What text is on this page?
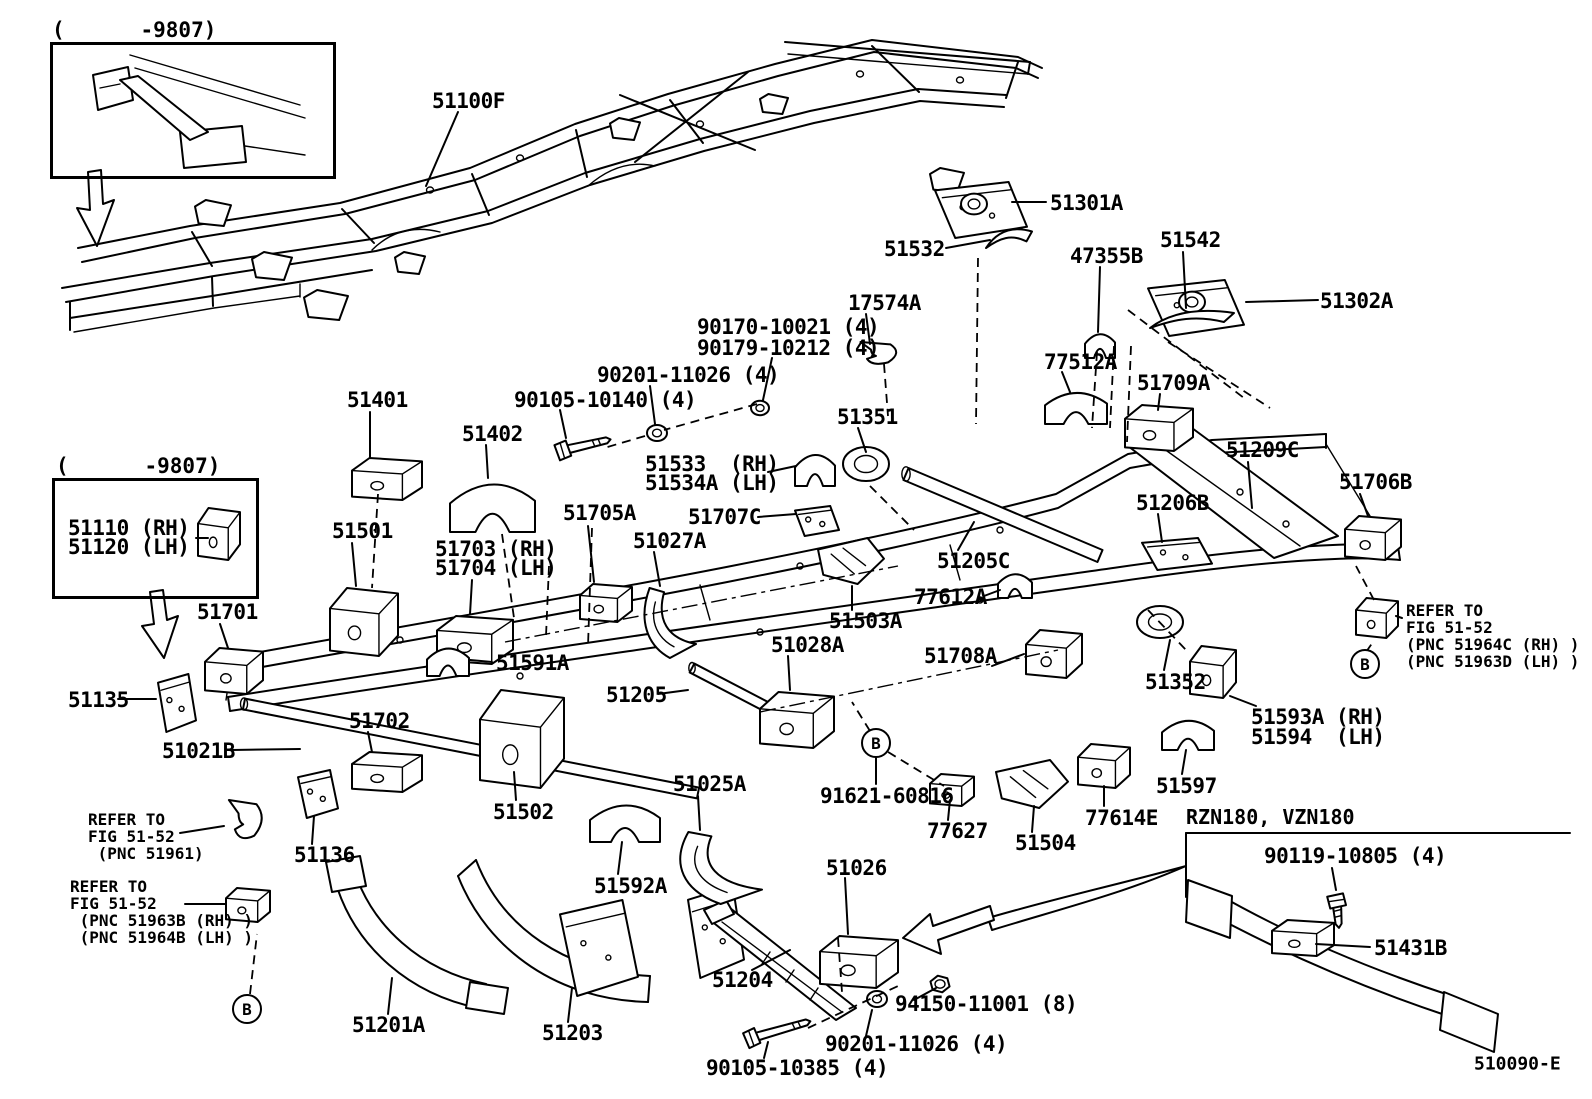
(      -9807)
(      -9807)
51100F
51301A
51532	47355B
51542
51302A
17574A
90170-10021 (4)
90179-10212 (4)
90201-11026 (4)
90105-10140 (4)
77512A
51709A
51401
51402
51351
51533  (RH)
51534A (LH)
51209C
51706B
51110 (RH)
51120 (LH)
51501
51703 (RH)
51704 (LH)
51705A 51707C
51027A
51206B
51205C
77612A
51503A
51701
51591A
51028A	51708A
51352
51135	51205
51702
51021B
51593A (RH)
51594  (LH)
91621-60816
77627 51504
77614E
51597
51136
51502
51025A
51592A
51026
51204
51201A	51203
90119-10805 (4)
51431B
94150-11001 (8)
90201-11026 (4)
90105-10385 (4)
REFER TO
FIG 51-52
(PNC 51964C (RH) )
(PNC 51963D (LH) )
REFER TO
FIG 51-52
(PNC 51961)
REFER TO
FIG 51-52
(PNC 51963B (RH) )
(PNC 51964B (LH) )
B
B
B
RZN180, VZN180
510090-E
